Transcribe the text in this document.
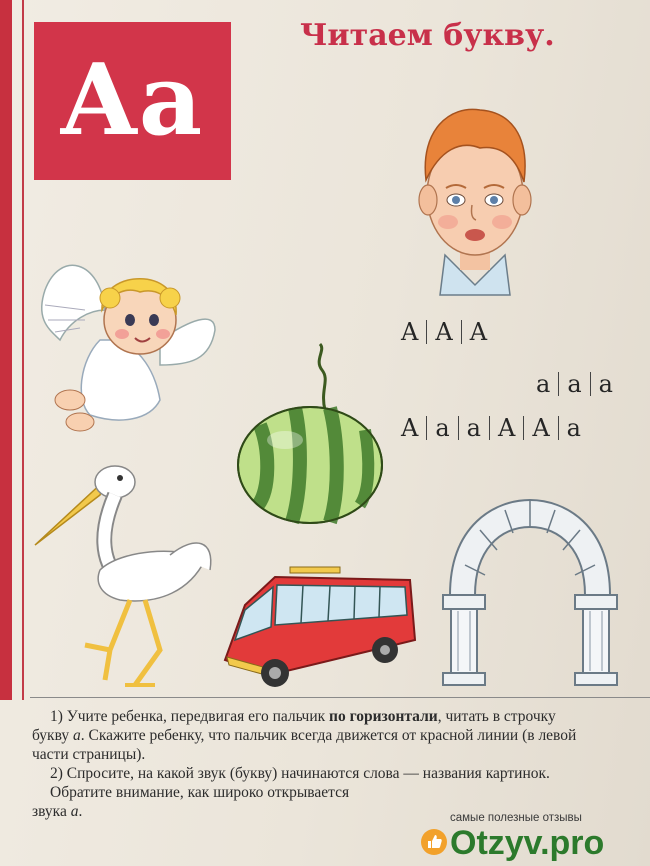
Aa
Читаем букву.
A A A
a a a
A a a A A a

1) Учите ребенка, передвигая его пальчик по горизонтали, читать в строчку букву а. Скажите ребенку, что пальчик всегда движется от красной линии (в левой части страницы).

2) Спросите, на какой звук (букву) начинаются слова — названия картинок.

Обратите внимание, как широко открывается
звука а.	самые полезные отзывы
Otzyv.pro
